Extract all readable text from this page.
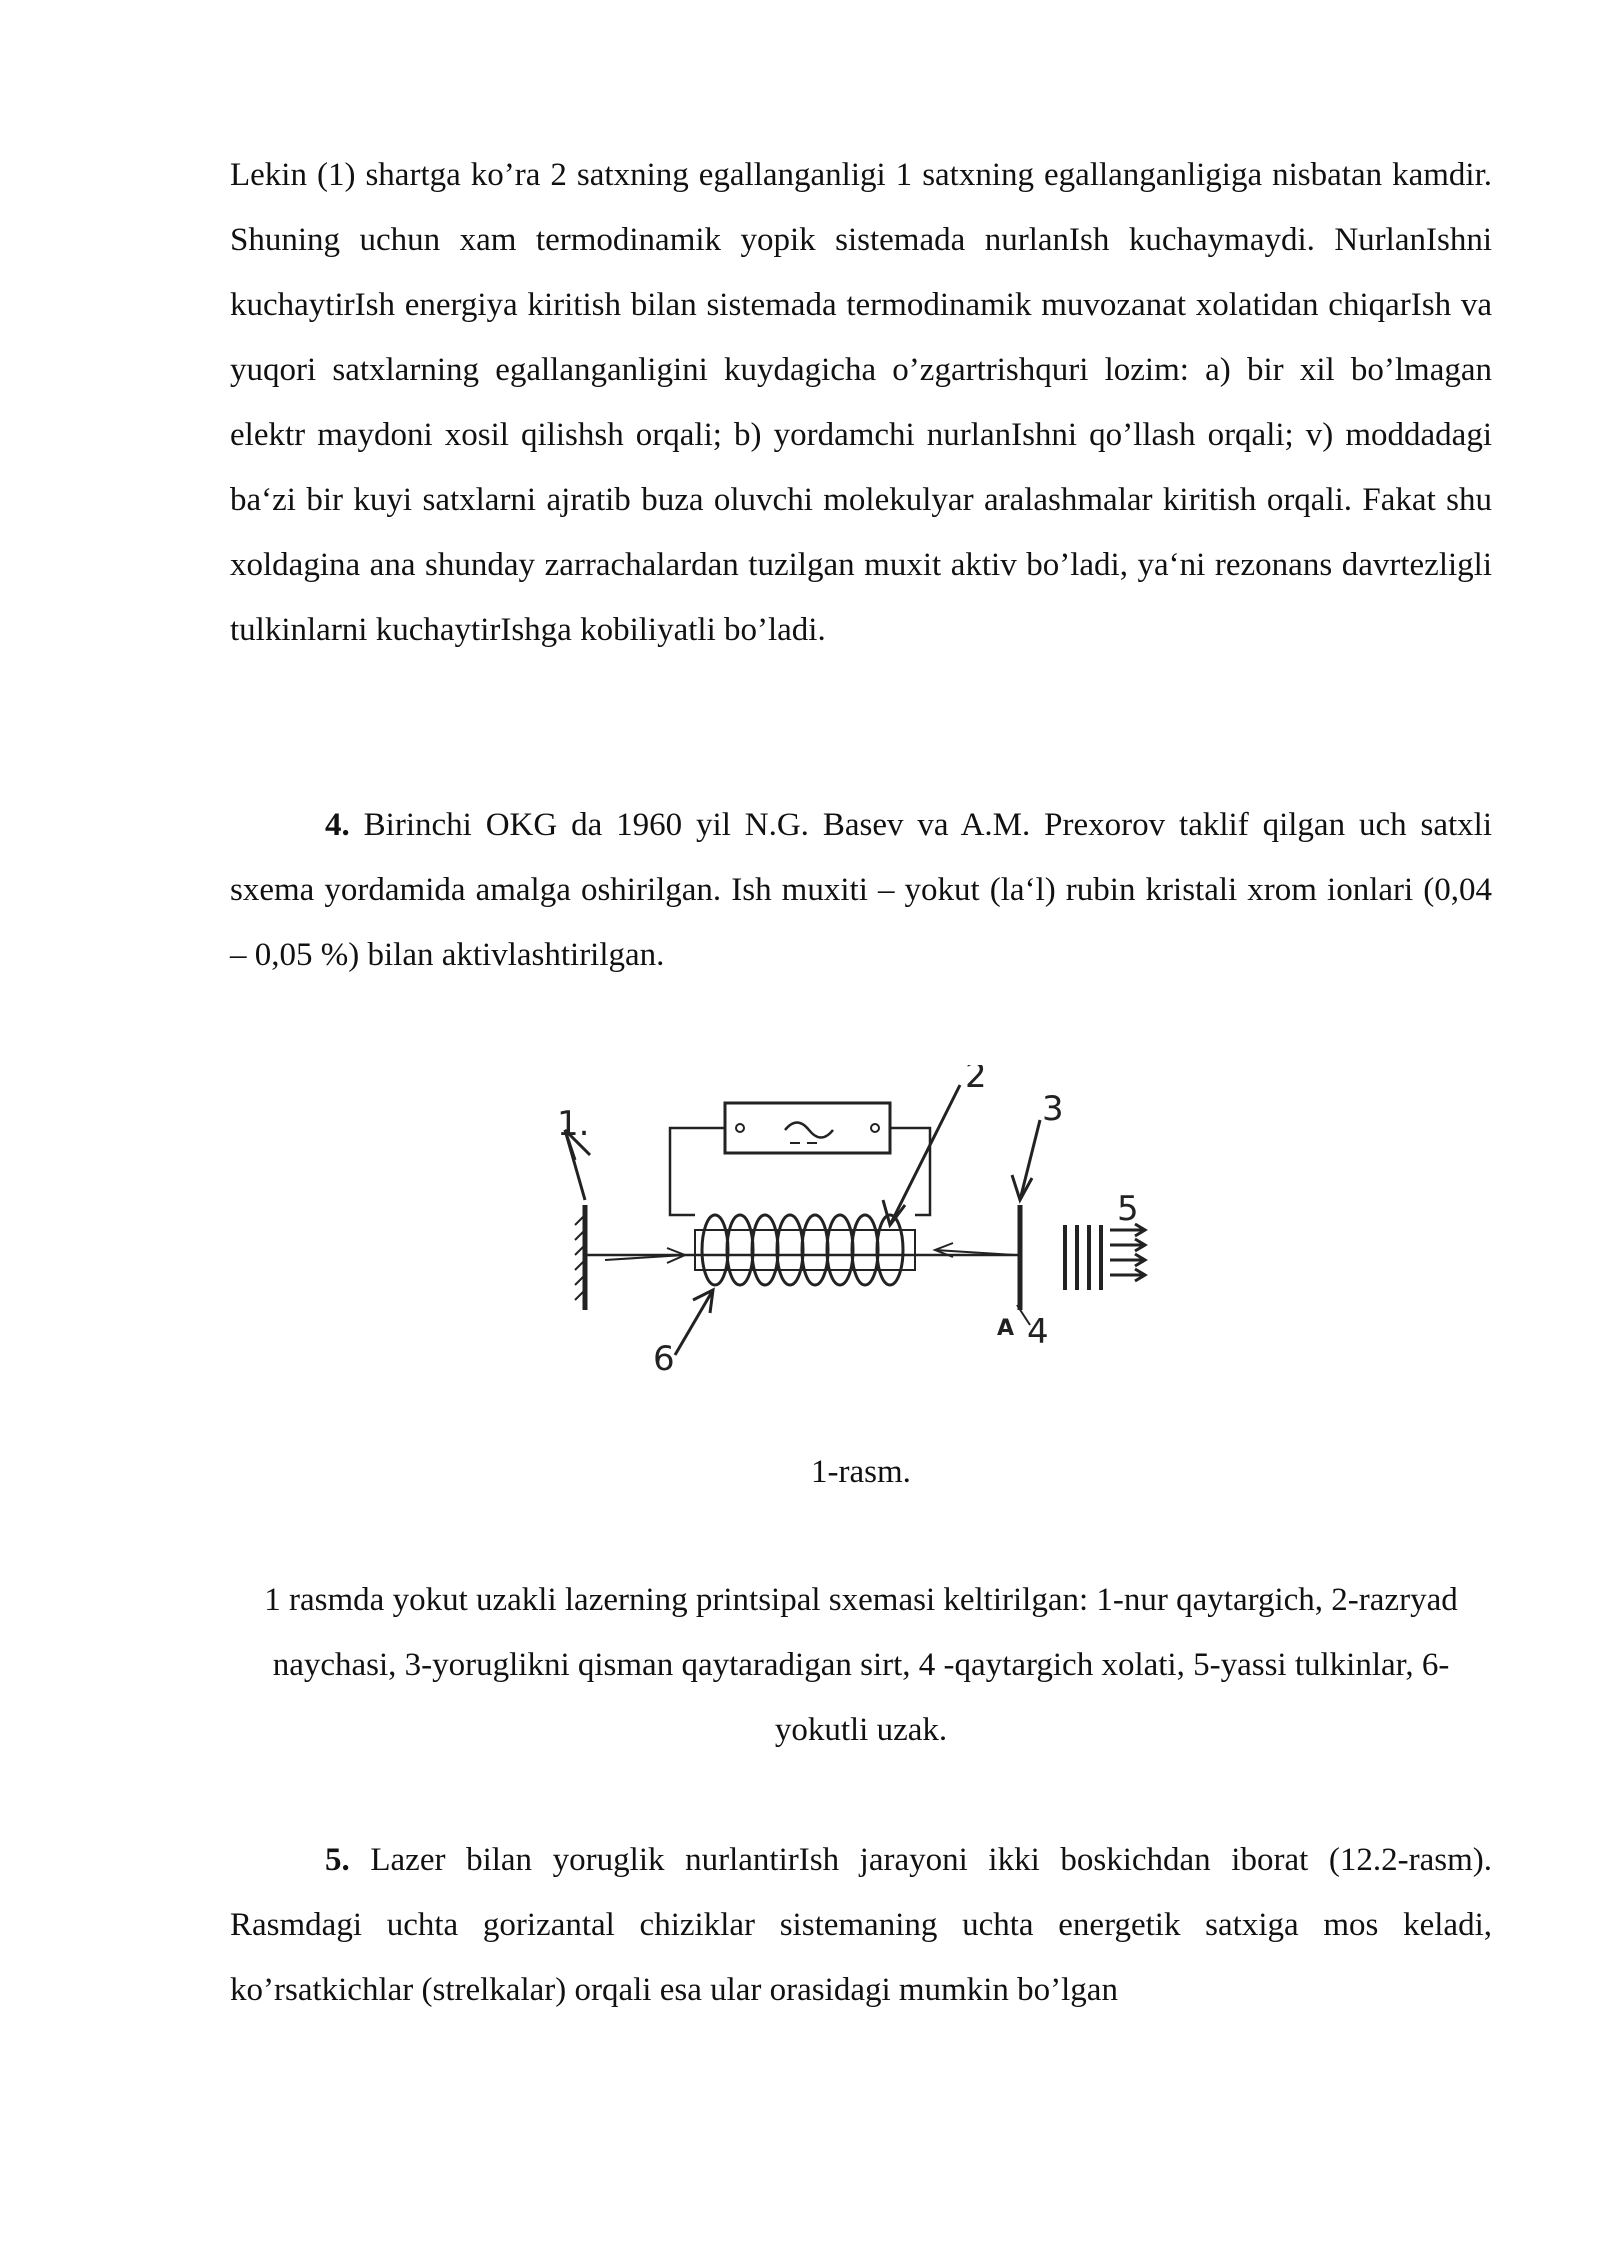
Lekin (1) shartga ko’ra 2 satxning egallanganligi 1 satxning egallanganligiga nisbatan kamdir. Shuning uchun xam termodinamik yopik sistemada nurlanIsh kuchaymaydi. NurlanIshni kuchaytirIsh energiya kiritish bilan sistemada termodinamik muvozanat xolatidan chiqarIsh va yuqori satxlarning egallanganligini kuydagicha o’zgartrishquri lozim: a) bir xil bo’lmagan elektr maydoni xosil qilishsh orqali; b) yordamchi nurlanIshni qo’llash orqali; v) moddadagi ba‘zi bir kuyi satxlarni ajratib buza oluvchi molekulyar aralashmalar kiritish orqali. Fakat shu xoldagina ana shunday zarrachalardan tuzilgan muxit aktiv bo’ladi, ya‘ni rezonans davrtezligli tulkinlarni kuchaytirIshga kobiliyatli bo’ladi.

4. Birinchi OKG da 1960 yil N.G. Basev va A.M. Prexorov taklif qilgan uch satxli sxema yordamida amalga oshirilgan. Ish muxiti – yokut (la‘l) rubin kristali xrom ionlari (0,04 – 0,05 %) bilan aktivlashtirilgan.

1.
2
3
4
5
6
A
1-rasm.
1 rasmda yokut uzakli lazerning printsipal sxemasi keltirilgan: 1-nur qaytargich, 2-razryad naychasi, 3-yoruglikni qisman qaytaradigan sirt, 4 -qaytargich xolati, 5-yassi tulkinlar, 6-yokutli uzak.

5. Lazer bilan yoruglik nurlantirIsh jarayoni ikki boskichdan iborat (12.2-rasm). Rasmdagi uchta gorizantal chiziklar sistemaning uchta energetik satxiga mos keladi, ko’rsatkichlar (strelkalar) orqali esa ular orasidagi mumkin bo’lgan
